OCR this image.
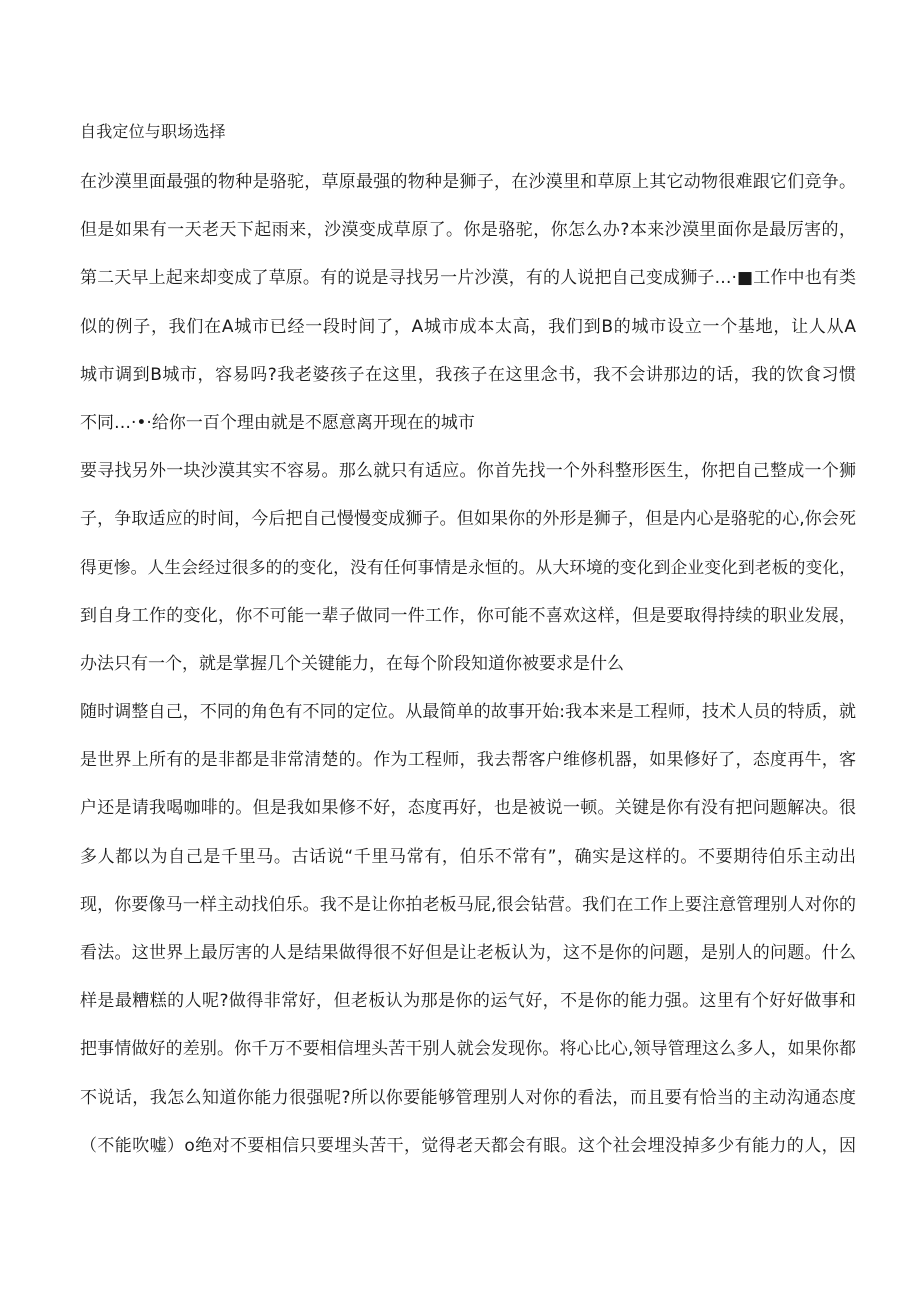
自我定位与职场选择
在沙漠里面最强的物种是骆驼，草原最强的物种是狮子，在沙漠里和草原上其它动物很难跟它们竞争。
但是如果有一天老天下起雨来，沙漠变成草原了。你是骆驼，你怎么办?本来沙漠里面你是最厉害的，
第二天早上起来却变成了草原。有的说是寻找另一片沙漠，有的人说把自己变成狮子…·■工作中也有类
似的例子，我们在A城市已经一段时间了，A城市成本太高，我们到B的城市设立一个基地，让人从A
城市调到B城市，容易吗?我老婆孩子在这里，我孩子在这里念书，我不会讲那边的话，我的饮食习惯
不同…·•·给你一百个理由就是不愿意离开现在的城市
要寻找另外一块沙漠其实不容易。那么就只有适应。你首先找一个外科整形医生，你把自己整成一个狮
子，争取适应的时间，今后把自己慢慢变成狮子。但如果你的外形是狮子，但是内心是骆驼的心,你会死
得更惨。人生会经过很多的的变化，没有任何事情是永恒的。从大环境的变化到企业变化到老板的变化，
到自身工作的变化，你不可能一辈子做同一件工作，你可能不喜欢这样，但是要取得持续的职业发展，
办法只有一个，就是掌握几个关键能力，在每个阶段知道你被要求是什么
随时调整自己，不同的角色有不同的定位。从最简单的故事开始:我本来是工程师，技术人员的特质，就
是世界上所有的是非都是非常清楚的。作为工程师，我去帮客户维修机器，如果修好了，态度再牛，客
户还是请我喝咖啡的。但是我如果修不好，态度再好，也是被说一顿。关键是你有没有把问题解决。很
多人都以为自己是千里马。古话说“千里马常有，伯乐不常有”，确实是这样的。不要期待伯乐主动出
现，你要像马一样主动找伯乐。我不是让你拍老板马屁,很会钻营。我们在工作上要注意管理别人对你的
看法。这世界上最厉害的人是结果做得很不好但是让老板认为，这不是你的问题，是别人的问题。什么
样是最糟糕的人呢?做得非常好，但老板认为那是你的运气好，不是你的能力强。这里有个好好做事和
把事情做好的差别。你千万不要相信埋头苦干别人就会发现你。将心比心,领导管理这么多人，如果你都
不说话，我怎么知道你能力很强呢?所以你要能够管理别人对你的看法，而且要有恰当的主动沟通态度
（不能吹嘘）o绝对不要相信只要埋头苦干，觉得老天都会有眼。这个社会埋没掉多少有能力的人，因
